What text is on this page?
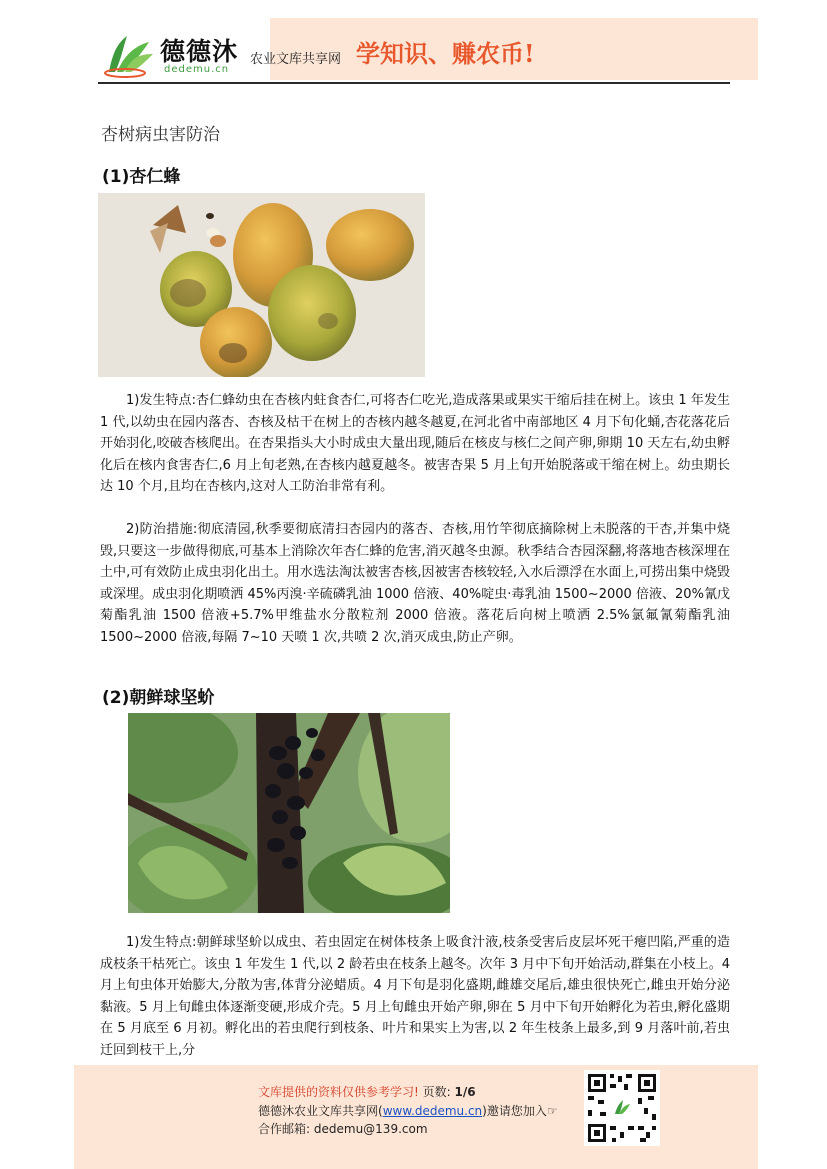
德德沐
dedemu.cn
农业文库共享网 学知识、赚农币!
杏树病虫害防治
(1)杏仁蜂
1)发生特点:杏仁蜂幼虫在杏核内蛀食杏仁,可将杏仁吃光,造成落果或果实干缩后挂在树上。该虫 1 年发生 1 代,以幼虫在园内落杏、杏核及枯干在树上的杏核内越冬越夏,在河北省中南部地区 4 月下旬化蛹,杏花落花后开始羽化,咬破杏核爬出。在杏果指头大小时成虫大量出现,随后在核皮与核仁之间产卵,卵期 10 天左右,幼虫孵化后在核内食害杏仁,6 月上旬老熟,在杏核内越夏越冬。被害杏果 5 月上旬开始脱落或干缩在树上。幼虫期长达 10 个月,且均在杏核内,这对人工防治非常有利。
2)防治措施:彻底清园,秋季要彻底清扫杏园内的落杏、杏核,用竹竿彻底摘除树上未脱落的干杏,并集中烧毁,只要这一步做得彻底,可基本上消除次年杏仁蜂的危害,消灭越冬虫源。秋季结合杏园深翻,将落地杏核深埋在土中,可有效防止成虫羽化出土。用水选法淘汰被害杏核,因被害杏核较轻,入水后漂浮在水面上,可捞出集中烧毁或深埋。成虫羽化期喷洒 45%丙溴·辛硫磷乳油 1000 倍液、40%啶虫·毒乳油 1500~2000 倍液、20%氰戊菊酯乳油 1500 倍液+5.7%甲维盐水分散粒剂 2000 倍液。落花后向树上喷洒 2.5%氯氟氰菊酯乳油 1500~2000 倍液,每隔 7~10 天喷 1 次,共喷 2 次,消灭成虫,防止产卵。
(2)朝鲜球坚蚧
1)发生特点:朝鲜球坚蚧以成虫、若虫固定在树体枝条上吸食汁液,枝条受害后皮层坏死干瘪凹陷,严重的造成枝条干枯死亡。该虫 1 年发生 1 代,以 2 龄若虫在枝条上越冬。次年 3 月中下旬开始活动,群集在小枝上。4 月上旬虫体开始膨大,分散为害,体背分泌蜡质。4 月下旬是羽化盛期,雌雄交尾后,雄虫很快死亡,雌虫开始分泌黏液。5 月上旬雌虫体逐渐变硬,形成介壳。5 月上旬雌虫开始产卵,卵在 5 月中下旬开始孵化为若虫,孵化盛期在 5 月底至 6 月初。孵化出的若虫爬行到枝条、叶片和果实上为害,以 2 年生枝条上最多,到 9 月落叶前,若虫迁回到枝干上,分
文库提供的资料仅供参考学习! 页数: 1/6
德德沐农业文库共享网(www.dedemu.cn)邀请您加入☞
合作邮箱: dedemu@139.com
